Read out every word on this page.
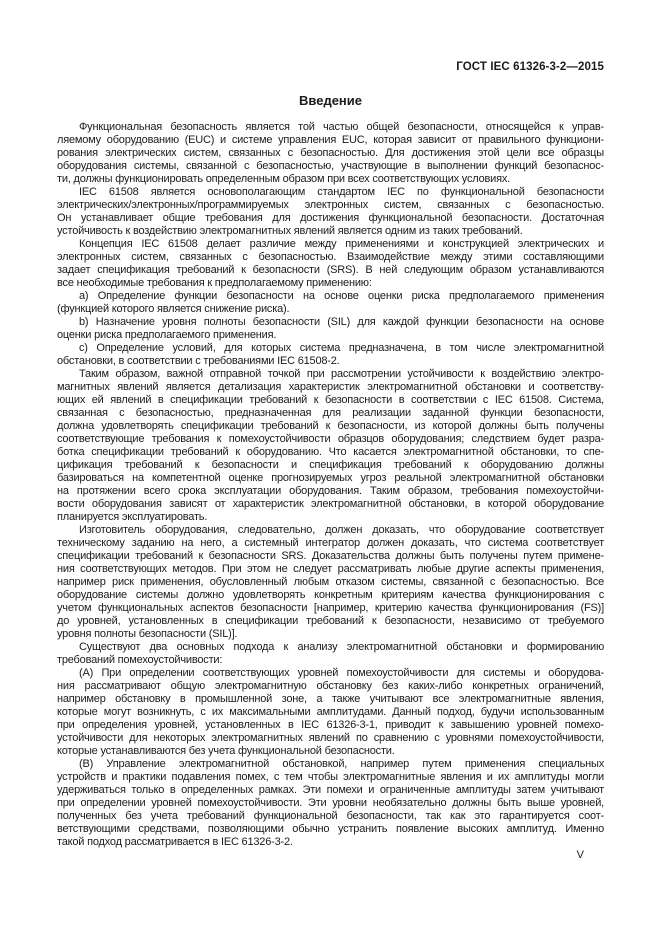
ГОСТ IEC 61326-3-2—2015
Введение
Функциональная безопасность является той частью общей безопасности, относящейся к управ-
ляемому оборудованию (EUC) и системе управления EUC, которая зависит от правильного функциони-
рования электрических систем, связанных с безопасностью. Для достижения этой цели все образцы
оборудования системы, связанной с безопасностью, участвующие в выполнении функций безопаснос-
ти, должны функционировать определенным образом при всех соответствующих условиях.
IEC 61508 является основополагающим стандартом IEC по функциональной безопасности
электрических/электронных/программируемых электронных систем, связанных с безопасностью.
Он устанавливает общие требования для достижения функциональной безопасности. Достаточная
устойчивость к воздействию электромагнитных явлений является одним из таких требований.
Концепция IEC 61508 делает различие между применениями и конструкцией электрических и
электронных систем, связанных с безопасностью. Взаимодействие между этими составляющими
задает спецификация требований к безопасности (SRS). В ней следующим образом устанавливаются
все необходимые требования к предполагаемому применению:
a) Определение функции безопасности на основе оценки риска предполагаемого применения
(функцией которого является снижение риска).
b) Назначение уровня полноты безопасности (SIL) для каждой функции безопасности на основе
оценки риска предполагаемого применения.
c) Определение условий, для которых система предназначена, в том числе электромагнитной
обстановки, в соответствии с требованиями IEC 61508-2.
Таким образом, важной отправной точкой при рассмотрении устойчивости к воздействию электро-
магнитных явлений является детализация характеристик электромагнитной обстановки и соответству-
ющих ей явлений в спецификации требований к безопасности в соответствии с IEC 61508. Система,
связанная с безопасностью, предназначенная для реализации заданной функции безопасности,
должна удовлетворять спецификации требований к безопасности, из которой должны быть получены
соответствующие требования к помехоустойчивости образцов оборудования; следствием будет разра-
ботка спецификации требований к оборудованию. Что касается электромагнитной обстановки, то спе-
цификация требований к безопасности и спецификация требований к оборудованию должны
базироваться на компетентной оценке прогнозируемых угроз реальной электромагнитной обстановки
на протяжении всего срока эксплуатации оборудования. Таким образом, требования помехоустойчи-
вости оборудования зависят от характеристик электромагнитной обстановки, в которой оборудование
планируется эксплуатировать.
Изготовитель оборудования, следовательно, должен доказать, что оборудование соответствует
техническому заданию на него, а системный интегратор должен доказать, что система соответствует
спецификации требований к безопасности SRS. Доказательства должны быть получены путем примене-
ния соответствующих методов. При этом не следует рассматривать любые другие аспекты применения,
например риск применения, обусловленный любым отказом системы, связанной с безопасностью. Все
оборудование системы должно удовлетворять конкретным критериям качества функционирования с
учетом функциональных аспектов безопасности [например, критерию качества функционирования (FS)]
до уровней, установленных в спецификации требований к безопасности, независимо от требуемого
уровня полноты безопасности (SIL)].
Существуют два основных подхода к анализу электромагнитной обстановки и формированию
требований помехоустойчивости:
(A) При определении соответствующих уровней помехоустойчивости для системы и оборудова-
ния рассматривают общую электромагнитную обстановку без каких-либо конкретных ограничений,
например обстановку в промышленной зоне, а также учитывают все электромагнитные явления,
которые могут возникнуть, с их максимальными амплитудами. Данный подход, будучи использованным
при определения уровней, установленных в IEC 61326-3-1, приводит к завышению уровней помехо-
устойчивости для некоторых электромагнитных явлений по сравнению с уровнями помехоустойчивости,
которые устанавливаются без учета функциональной безопасности.
(B) Управление электромагнитной обстановкой, например путем применения специальных
устройств и практики подавления помех, с тем чтобы электромагнитные явления и их амплитуды могли
удерживаться только в определенных рамках. Эти помехи и ограниченные амплитуды затем учитывают
при определении уровней помехоустойчивости. Эти уровни необязательно должны быть выше уровней,
полученных без учета требований функциональной безопасности, так как это гарантируется соот-
ветствующими средствами, позволяющими обычно устранить появление высоких амплитуд. Именно
такой подход рассматривается в IEC 61326-3-2.
V
